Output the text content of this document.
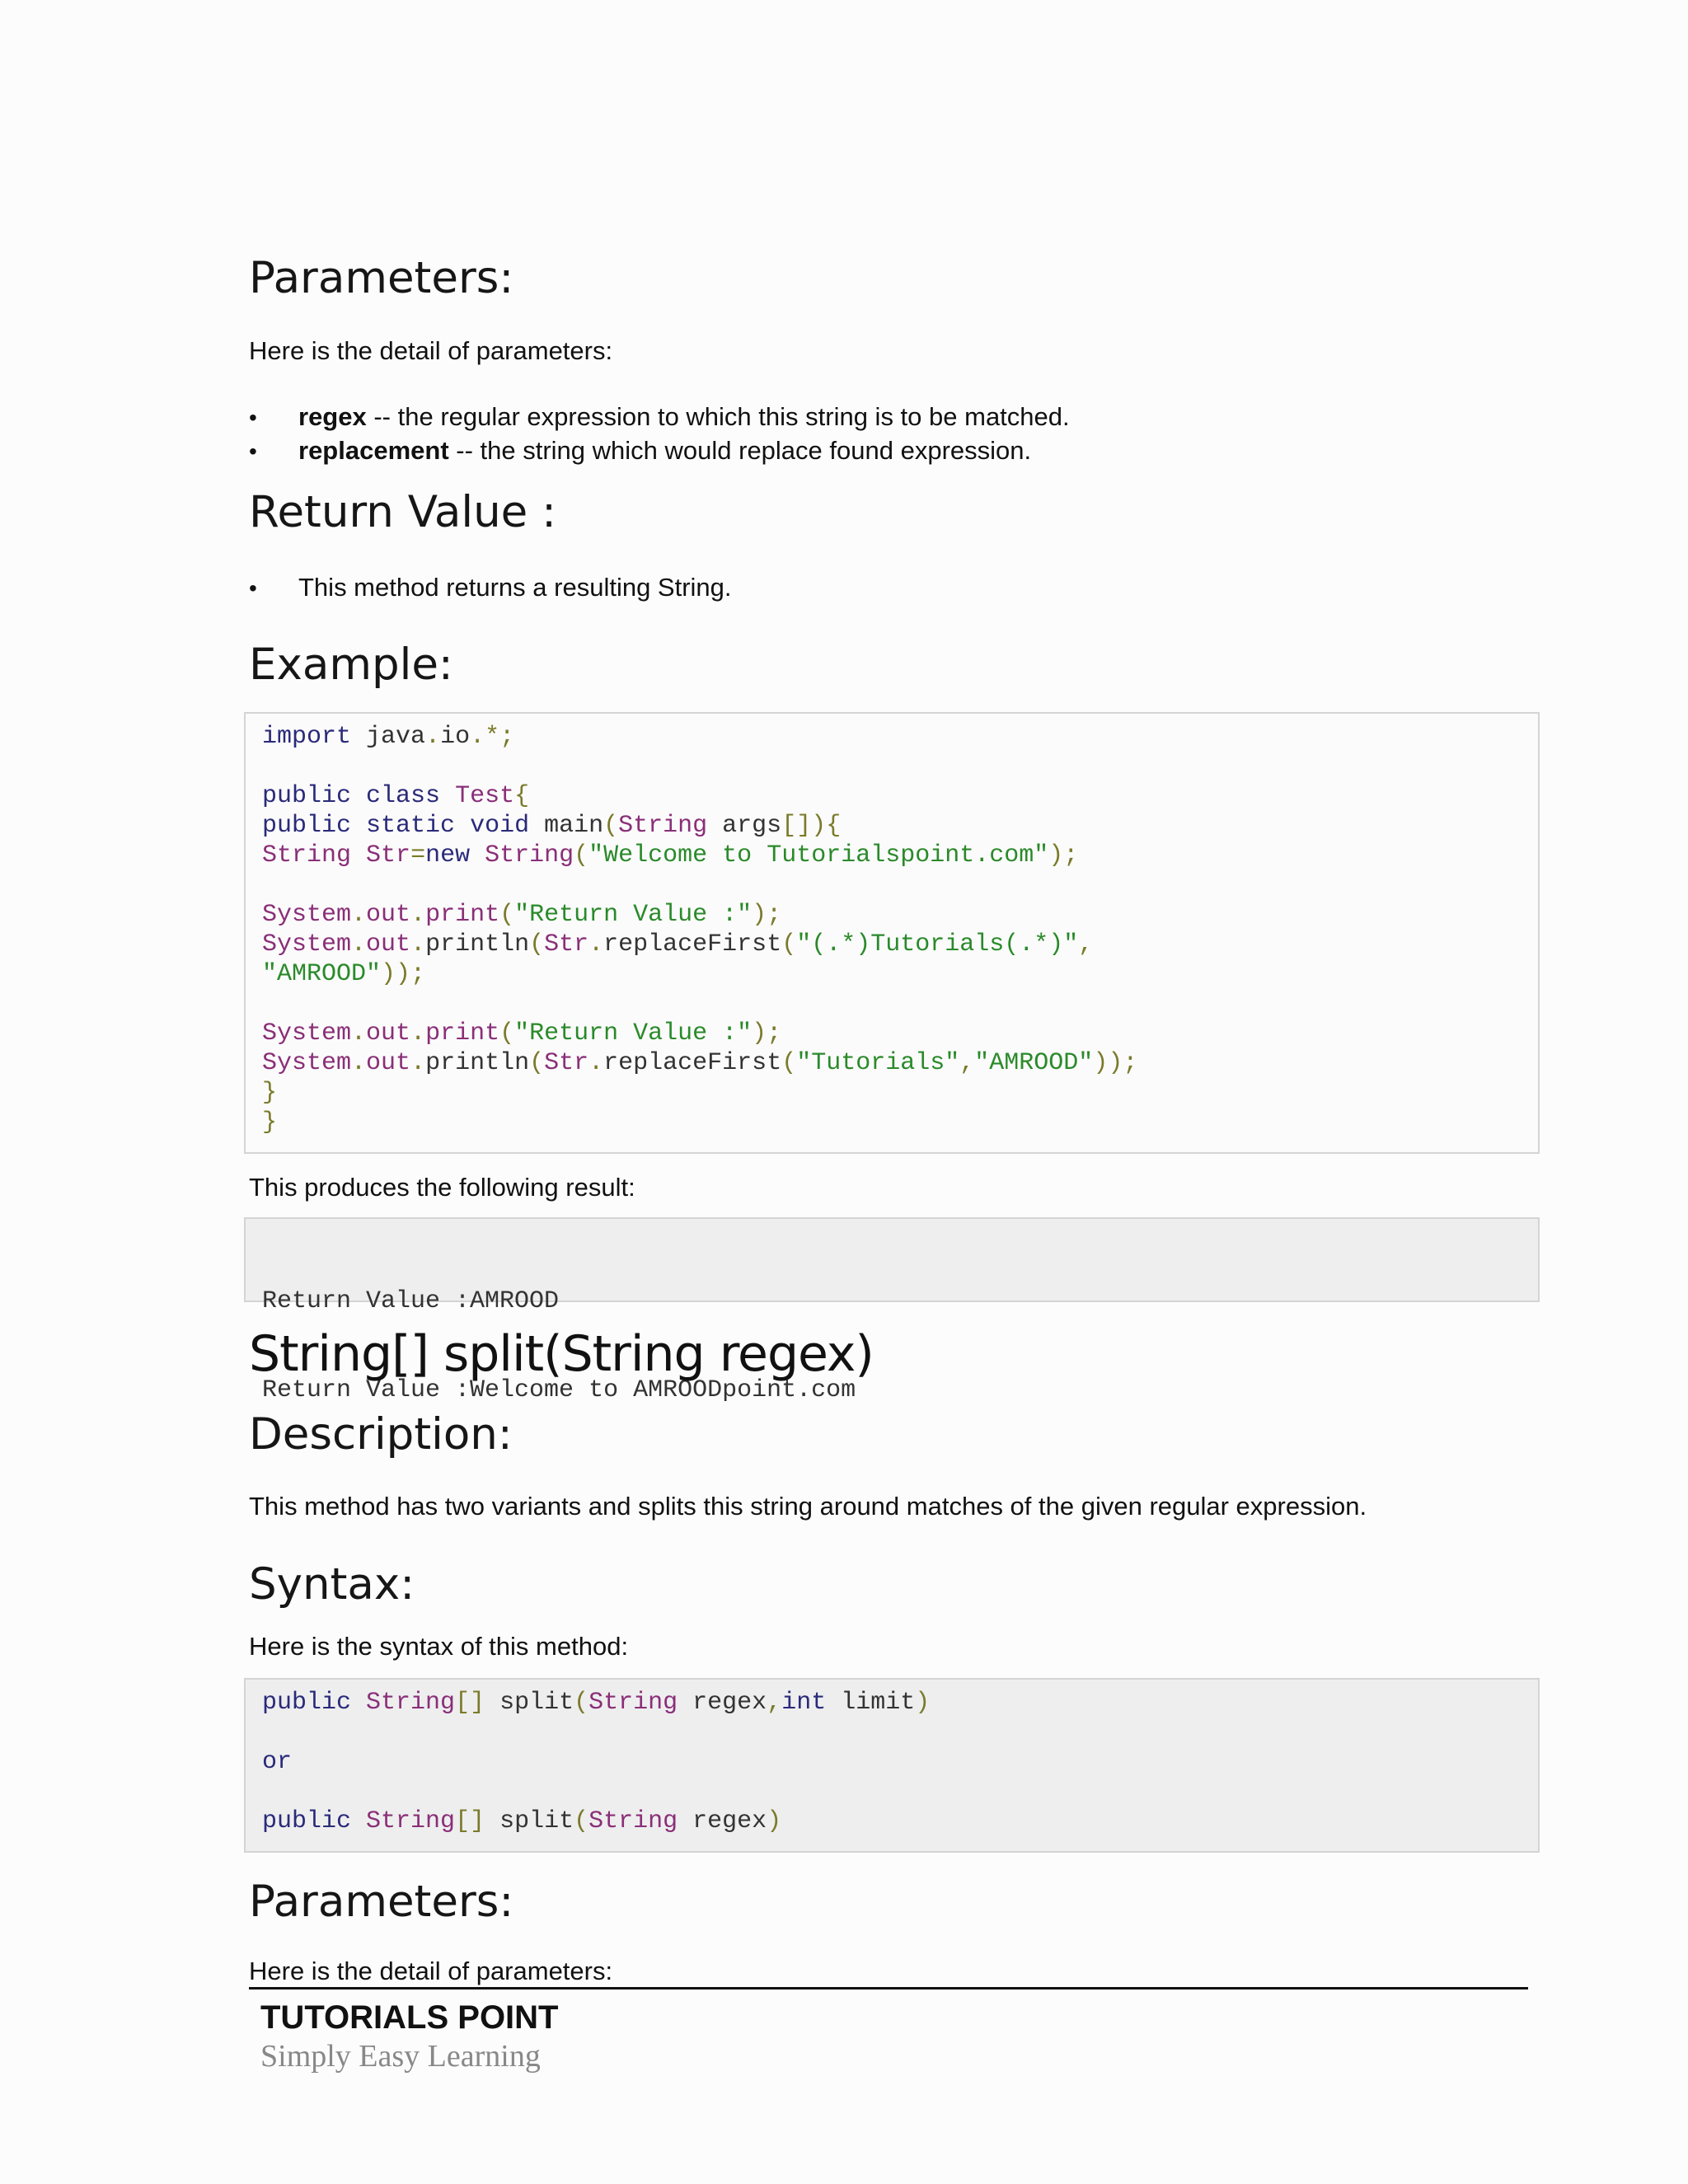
Parameters:

Here is the detail of parameters:

• regex -- the regular expression to which this string is to be matched.
• replacement -- the string which would replace found expression.
Return Value :
• This method returns a resulting String.
Example:
import java.io.*;
public class Test{
public static void main(String args[]){
String Str=new String("Welcome to Tutorialspoint.com");
System.out.print("Return Value :");
System.out.println(Str.replaceFirst("(.*)Tutorials(.*)",
"AMROOD"));
System.out.print("Return Value :");
System.out.println(Str.replaceFirst("Tutorials","AMROOD"));
}
}

This produces the following result:

Return Value :AMROOD

Return Value :Welcome to AMROODpoint.com

String[] split(String regex)
Description:

This method has two variants and splits this string around matches of the given regular expression.

Syntax:

Here is the syntax of this method:

public String[] split(String regex,int limit)
or
public String[] split(String regex)
Parameters:

Here is the detail of parameters:

TUTORIALS POINT
Simply Easy Learning
